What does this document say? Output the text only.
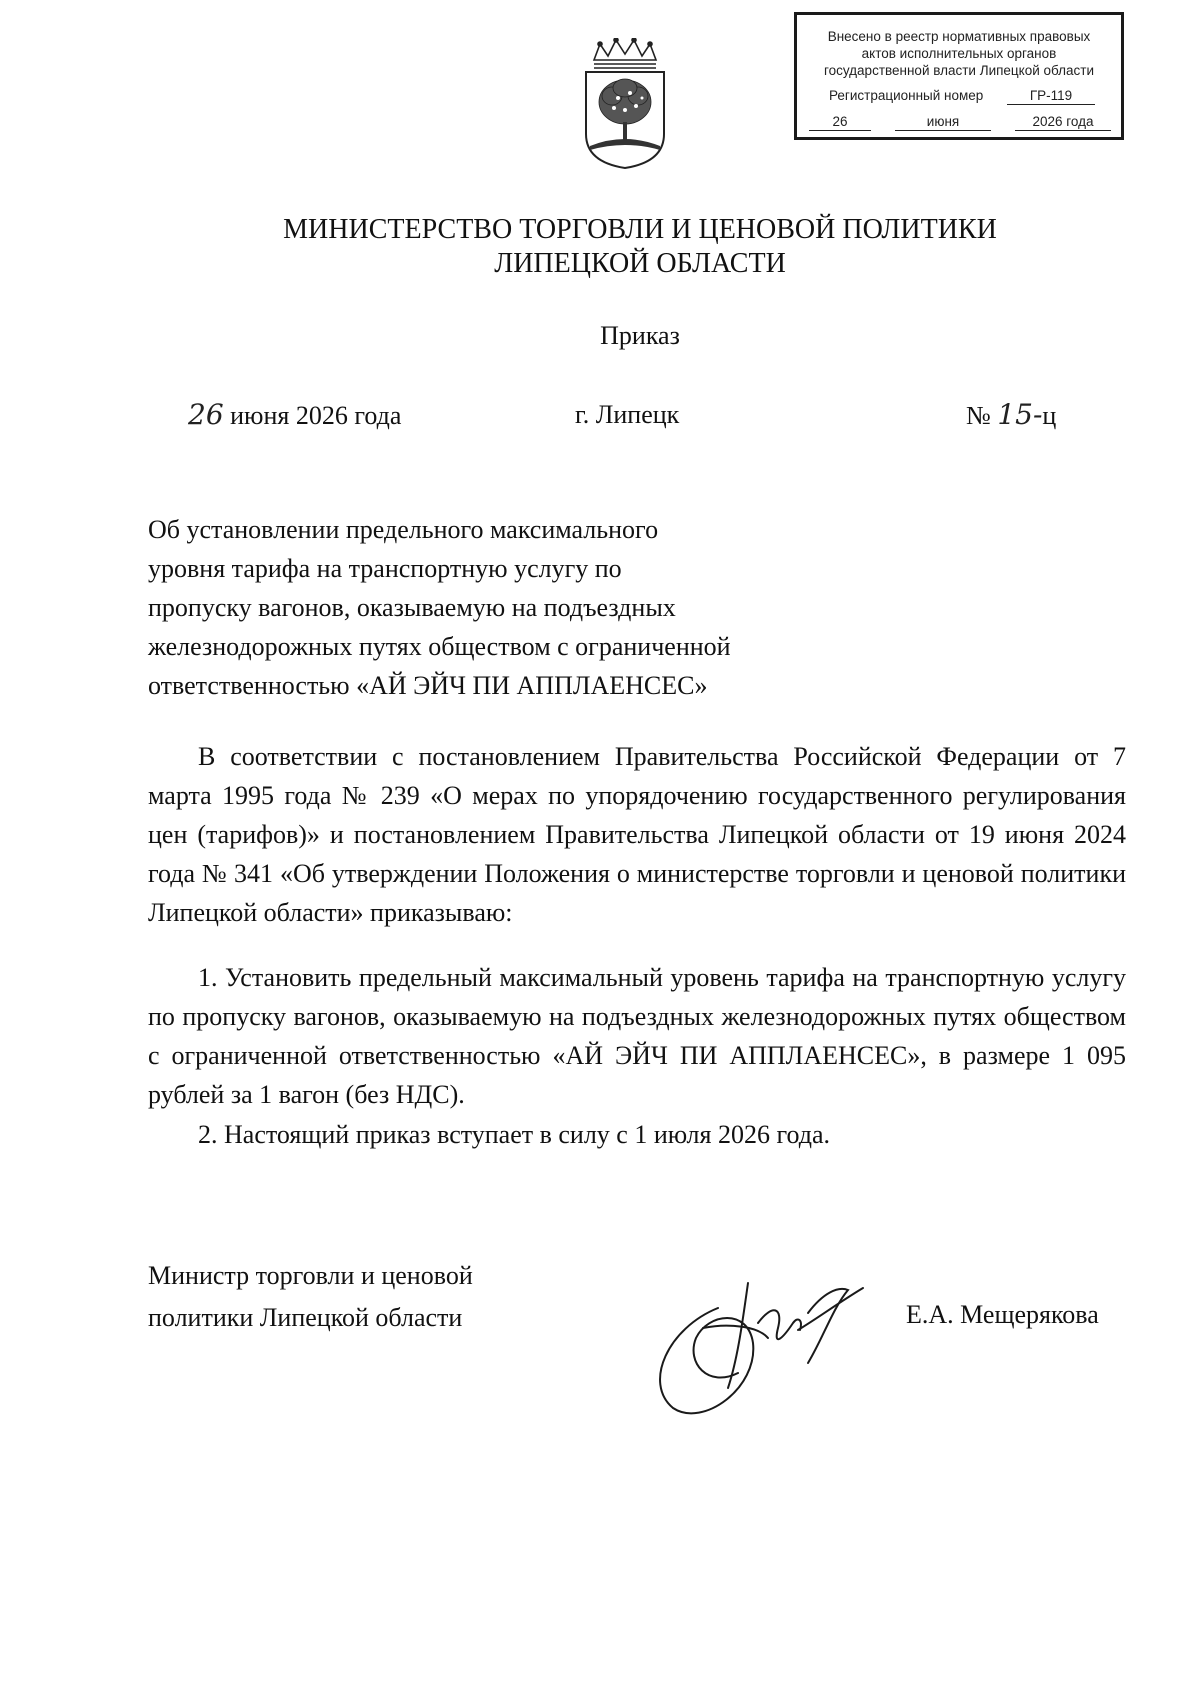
Внесено в реестр нормативных правовых
актов исполнительных органов
государственной власти Липецкой области
Регистрационный номер	ГР-119
26	июня	2026 года
МИНИСТЕРСТВО ТОРГОВЛИ И ЦЕНОВОЙ ПОЛИТИКИ
ЛИПЕЦКОЙ ОБЛАСТИ
Приказ
26 июня 2026 года	г. Липецк	№ 15-ц
Об установлении предельного максимального
уровня тарифа на транспортную услугу по
пропуску вагонов, оказываемую на подъездных
железнодорожных путях обществом с ограниченной
ответственностью «АЙ ЭЙЧ ПИ АППЛАЕНСЕС»
В соответствии с постановлением Правительства Российской Федерации от 7 марта 1995 года № 239 «О мерах по упорядочению государственного регулирования цен (тарифов)» и постановлением Правительства Липецкой области от 19 июня 2024 года № 341 «Об утверждении Положения о министерстве торговли и ценовой политики Липецкой области» приказываю:
1. Установить предельный максимальный уровень тарифа на транспортную услугу по пропуску вагонов, оказываемую на подъездных железнодорожных путях обществом с ограниченной ответственностью «АЙ ЭЙЧ ПИ АППЛАЕНСЕС», в размере 1 095 рублей за 1 вагон (без НДС).
2. Настоящий приказ вступает в силу с 1 июля 2026 года.
Министр торговли и ценовой
политики Липецкой области	Е.А. Мещерякова
